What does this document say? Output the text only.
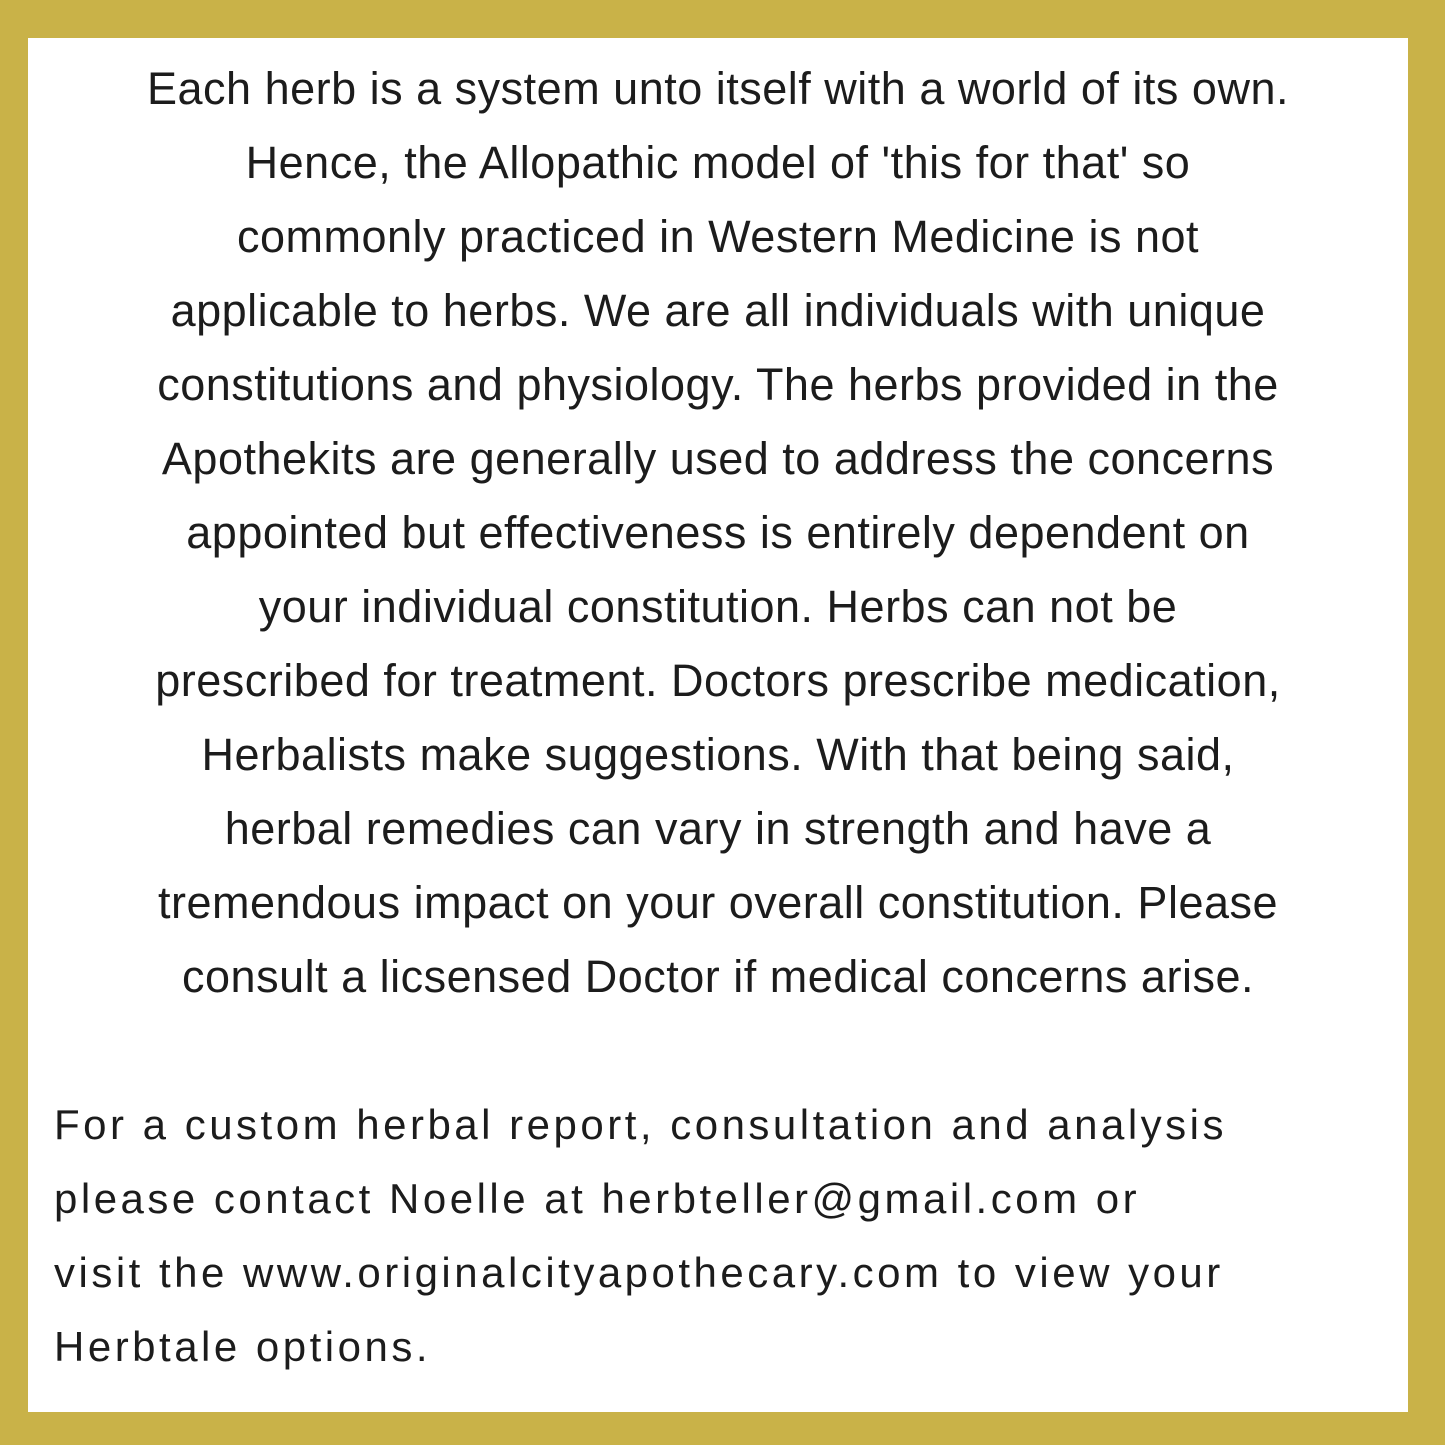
Each herb is a system unto itself with a world of its own.
Hence, the Allopathic model of 'this for that' so
commonly practiced in Western Medicine is not
applicable to herbs. We are all individuals with unique
constitutions and physiology. The herbs provided in the
Apothekits are generally used to address the concerns
appointed but effectiveness is entirely dependent on
your individual constitution. Herbs can not be
prescribed for treatment. Doctors prescribe medication,
Herbalists make suggestions. With that being said,
herbal remedies can vary in strength and have a
tremendous impact on your overall constitution. Please
consult a licsensed Doctor if medical concerns arise.
For a custom herbal report, consultation and analysis
please contact Noelle at herbteller@gmail.com or
visit the www.originalcityapothecary.com to view your
Herbtale options.
